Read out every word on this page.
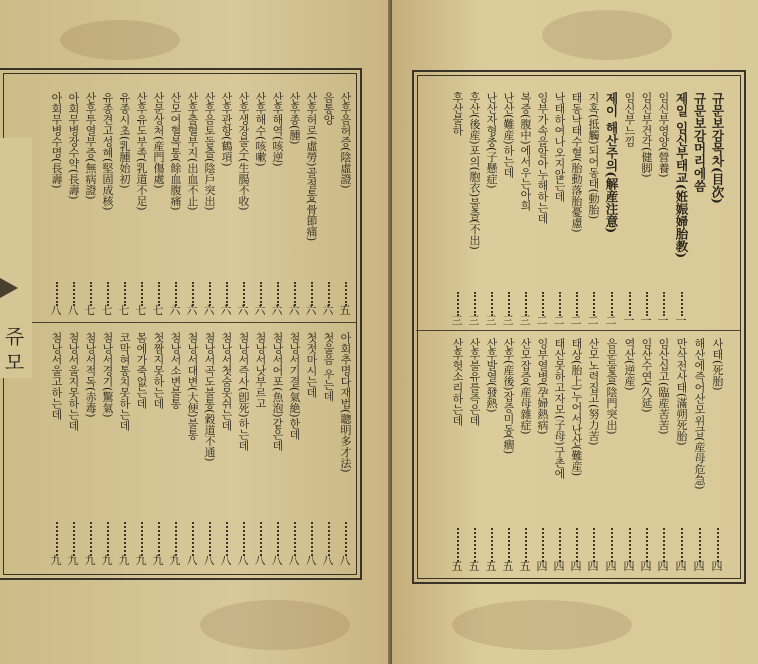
쥬모
산후음허증(陰虛證)
五
음통양
六
산후허로(虛勞)골절통(骨節痛)
六
산후종(腫)
六
산후해역(咳逆)
六
산후해수(咳嗽)
六
산후생장불수(生腸不收)
六
산후관항(鶴項)
六
산후음토돌출(陰戶突出)
六
산후출혈부지(出血不止)
六
산모여혈복통(餘血腹痛)
六
산문상처(産門傷處)
七
산후유도부족(乳道不足)
七
유종시초(乳腫始初)
七
유종견고성혜(堅固成核)
七
산후투열부증(無病證)
七
아회무병장수약(長壽)
八
아회무병수명(長壽)
八
아회추명다재법(聰明多才法)
八
첫울음 우는데
八
첫젓마시는데
八
첨낭서기결(氣絶)한데
八
첨낭서어포(魚泡)같은데
八
첨낭서낫부르고
八
첨낭서즉사(卽死)하는데
八
첨낭서첫숨못쉬는데
八
첨낭서곡도불통(穀道不通)
八
첨낭서대변(大便)불통
八
첨낭서소변불통
九
첫짬지못하는데
九
몸에가죽없는데
九
코막혀통치못하는데
九
첨낭서경기(驚氣)
九
첨낭서적독(赤毒)
九
첨낭서울지못하는데
九
첨낭서울고하는데
九
규문보감목차(目次)
규문보감머리에씀
제일 임신부태교(姙娠婦胎教)
一
임신부영양(營養)
一
임신부건각(健脚)
一
임신부느낌
一
제이 해산주의(解産注意)
二
지혹(抵觸)되어동태(動胎)
二
태동낙태수혈(胎動落胎憂慮)
二
낙태하여나오지않는데
二
잉부가속을알아누해하는데
二
복중(腹中)에서우는아희
三
난산(難産)하는데
三
난산자형충(子懸症)
三
후산(後産)포의(胞衣)불출(不出)
三
후산불하
三
사태(死胎)
四
해산에즉어산모위급(産母危急)
四
만삭전사태(滿朔死胎)
四
임산십고(臨産苦苦)
四
임산수연(久延)
四
역산(逆産)
四
음문둘출(陰門突出)
四
산모노력집고(努力苦)
四
태상(胎上)누어서난산(難産)
四
태산못하고자모(子母)구촌에
四
잉부열병(孕婦熱病)
四
산모잡증(産母雜症)
五
산후(産後)잡증미동(癎)
五
산후발열(發熱)
五
산후불유를즉은데
五
산후헛소리하는데
五
